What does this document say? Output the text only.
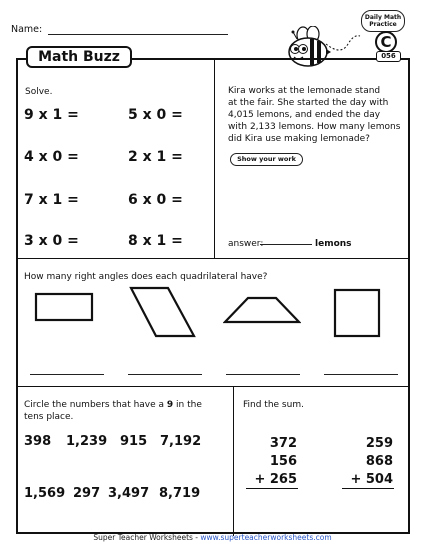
Name:
Daily Math
Practice
Solve.
9 x 1 =	5 x 0 =
4 x 0 =	2 x 1 =
7 x 1 =	6 x 0 =
3 x 0 =	8 x 1 =
Kira works at the lemonade stand
at the fair. She started the day with
4,015 lemons, and ended the day
with 2,133 lemons. How many lemons
did Kira use making lemonade?
Show your work
answer:	lemons
How many right angles does each quadrilateral have?
Circle the numbers that have a 9 in the
tens place.
398 1,239 915 7,192
1,569 297 3,497 8,719
Find the sum.
372
156
+ 265
259
868
+ 504
Math Buzz
C
056
Super Teacher Worksheets - www.superteacherworksheets.com
